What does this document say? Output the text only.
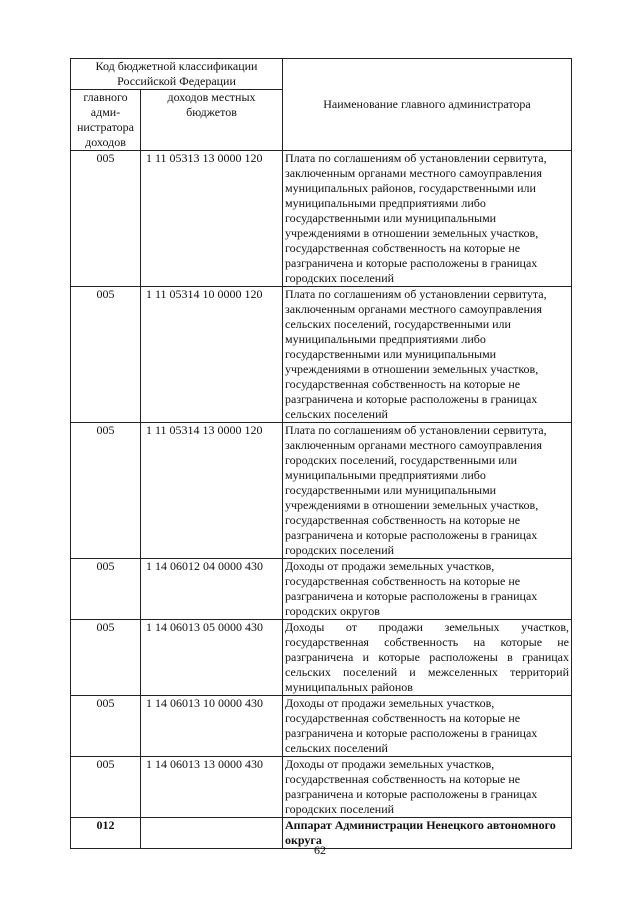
Код бюджетной классификации Российской Федерации		Наименование главного администратора
главного адми-нистратора доходов	доходов местных бюджетов	
005	1 11 05313 13 0000 120	Плата по соглашениям об установлении сервитута, заключенным органами местного самоуправления муниципальных районов, государственными или муниципальными предприятиями либо государственными или муниципальными учреждениями в отношении земельных участков, государственная собственность на которые не разграничена и которые расположены в границах городских поселений
005	1 11 05314 10 0000 120	Плата по соглашениям об установлении сервитута, заключенным органами местного самоуправления сельских поселений, государственными или муниципальными предприятиями либо государственными или муниципальными учреждениями в отношении земельных участков, государственная собственность на которые не разграничена и которые расположены в границах сельских поселений
005	1 11 05314 13 0000 120	Плата по соглашениям об установлении сервитута, заключенным органами местного самоуправления городских поселений, государственными или муниципальными предприятиями либо государственными или муниципальными учреждениями в отношении земельных участков, государственная собственность на которые не разграничена и которые расположены в границах городских поселений
005	1 14 06012 04 0000 430	Доходы от продажи земельных участков, государственная собственность на которые не разграничена и которые расположены в границах городских округов
005	1 14 06013 05 0000 430	Доходы от продажи земельных участков, государственная собственность на которые не разграничена и которые расположены в границах сельских поселений и межселенных территорий муниципальных районов
005	1 14 06013 10 0000 430	Доходы от продажи земельных участков, государственная собственность на которые не разграничена и которые расположены в границах сельских поселений
005	1 14 06013 13 0000 430	Доходы от продажи земельных участков, государственная собственность на которые не разграничена и которые расположены в границах городских поселений
012		Аппарат Администрации Ненецкого автономного округа
62
